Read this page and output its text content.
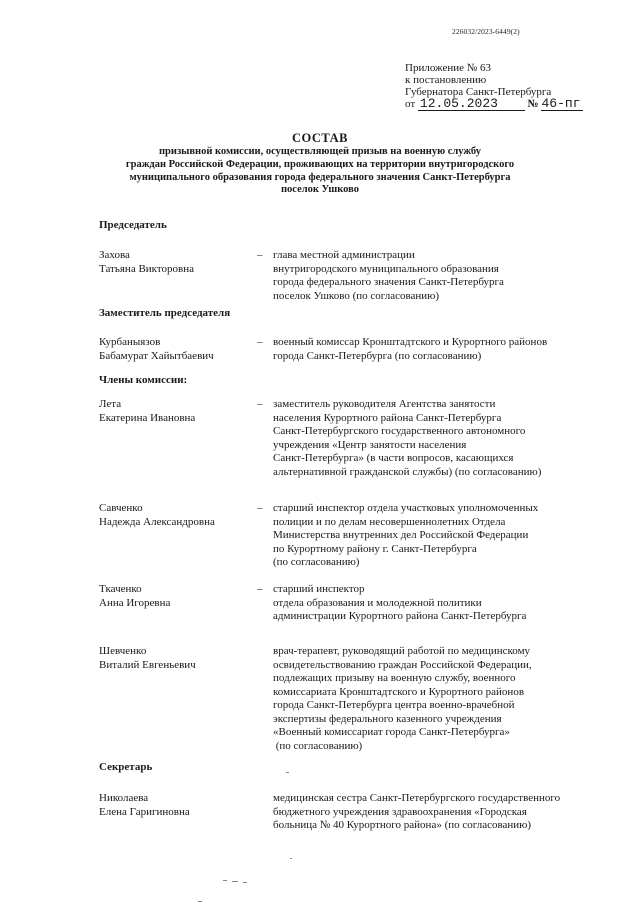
226032/2023-6449(2)
Приложение № 63
к постановлению
Губернатора Санкт-Петербурга
от 12.05.2023	№ 46-пг
СОСТАВ
призывной комиссии, осуществляющей призыв на военную службу
граждан Российской Федерации, проживающих на территории внутригородского
муниципального образования города федерального значения Санкт-Петербурга
поселок Ушково
Председатель
Захова
Татьяна Викторовна
– глава местной администрации
внутригородского муниципального образования
города федерального значения Санкт-Петербурга
поселок Ушково (по согласованию)
Заместитель председателя
Курбаныязов
Бабамурат Хайытбаевич
– военный комиссар Кронштадтского и Курортного районов
города Санкт-Петербурга (по согласованию)
Члены комиссии:
Лета
Екатерина Ивановна
– заместитель руководителя Агентства занятости
населения Курортного района Санкт-Петербурга
Санкт-Петербургского государственного автономного
учреждения «Центр занятости населения
Санкт-Петербурга» (в части вопросов, касающихся
альтернативной гражданской службы) (по согласованию)
Савченко
Надежда Александровна
– старший инспектор отдела участковых уполномоченных
полиции и по делам несовершеннолетних Отдела
Министерства внутренних дел Российской Федерации
по Курортному району г. Санкт-Петербурга
(по согласованию)
Ткаченко
Анна Игоревна
– старший инспектор
отдела образования и молодежной политики
администрации Курортного района Санкт-Петербурга
Шевченко
Виталий Евгеньевич
врач-терапевт, руководящий работой по медицинскому
освидетельствованию граждан Российской Федерации,
подлежащих призыву на военную службу, военного
комиссариата Кронштадтского и Курортного районов
города Санкт-Петербурга центра военно-врачебной
экспертизы федерального казенного учреждения
«Военный комиссариат города Санкт-Петербурга»
(по согласованию)
Секретарь
Николаева
Елена Гаригиновна
медицинская сестра Санкт-Петербургского государственного
бюджетного учреждения здравоохранения «Городская
больница № 40 Курортного района» (по согласованию)
